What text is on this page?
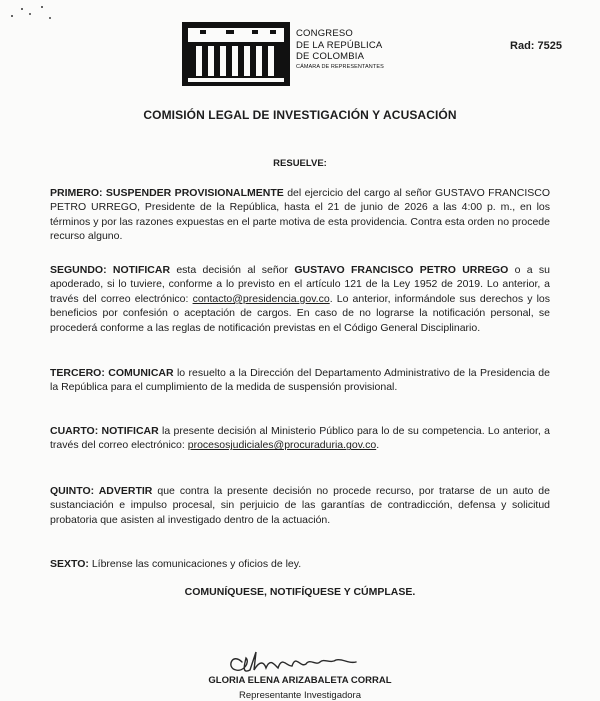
CONGRESO
DE LA REPÚBLICA
DE COLOMBIA
CÁMARA DE REPRESENTANTES
Rad: 7525
COMISIÓN LEGAL DE INVESTIGACIÓN Y ACUSACIÓN
RESUELVE:
PRIMERO: SUSPENDER PROVISIONALMENTE del ejercicio del cargo al señor GUSTAVO FRANCISCO PETRO URREGO, Presidente de la República, hasta el 21 de junio de 2026 a las 4:00 p. m., en los términos y por las razones expuestas en el parte motiva de esta providencia. Contra esta orden no procede recurso alguno.
SEGUNDO: NOTIFICAR esta decisión al señor GUSTAVO FRANCISCO PETRO URREGO o a su apoderado, si lo tuviere, conforme a lo previsto en el artículo 121 de la Ley 1952 de 2019. Lo anterior, a través del correo electrónico: contacto@presidencia.gov.co. Lo anterior, informándole sus derechos y los beneficios por confesión o aceptación de cargos. En caso de no lograrse la notificación personal, se procederá conforme a las reglas de notificación previstas en el Código General Disciplinario.
TERCERO: COMUNICAR lo resuelto a la Dirección del Departamento Administrativo de la Presidencia de la República para el cumplimiento de la medida de suspensión provisional.
CUARTO: NOTIFICAR la presente decisión al Ministerio Público para lo de su competencia. Lo anterior, a través del correo electrónico: procesosjudiciales@procuraduria.gov.co.
QUINTO: ADVERTIR que contra la presente decisión no procede recurso, por tratarse de un auto de sustanciación e impulso procesal, sin perjuicio de las garantías de contradicción, defensa y solicitud probatoria que asisten al investigado dentro de la actuación.
SEXTO: Líbrense las comunicaciones y oficios de ley.
COMUNÍQUESE, NOTIFÍQUESE Y CÚMPLASE.
GLORIA ELENA ARIZABALETA CORRAL
Representante Investigadora
